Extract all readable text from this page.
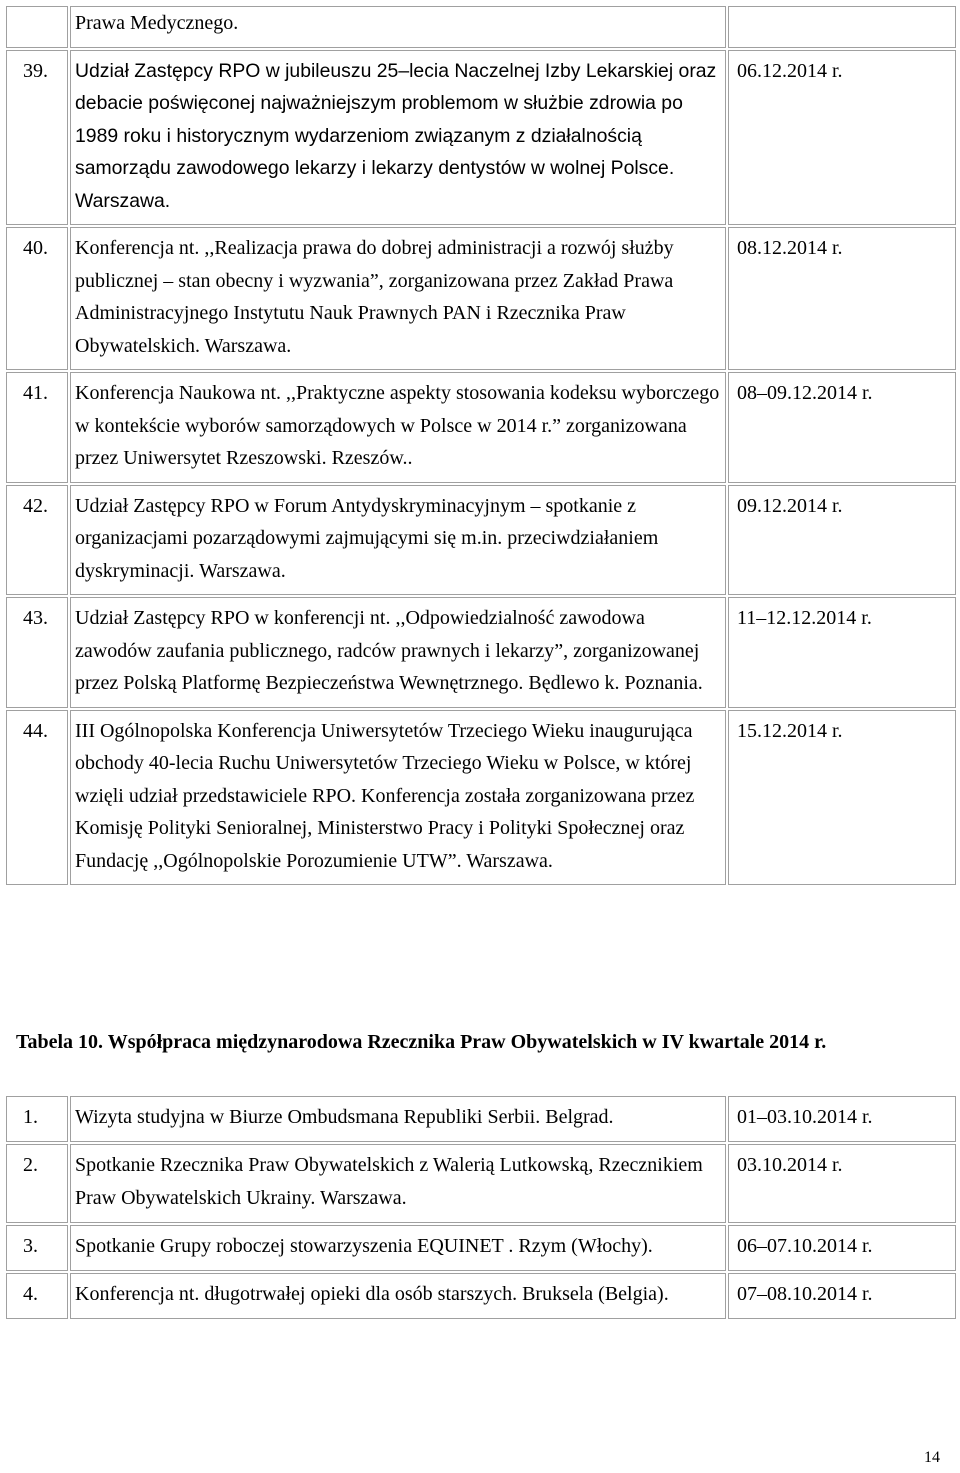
	Prawa Medycznego.	
39.	Udział Zastępcy RPO w jubileuszu 25–lecia Naczelnej Izby Lekarskiej oraz debacie poświęconej najważniejszym problemom w służbie zdrowia po 1989 roku i historycznym wydarzeniom związanym z działalnością samorządu zawodowego lekarzy i lekarzy dentystów w wolnej Polsce. Warszawa.	06.12.2014 r.
40.	Konferencja nt. ,,Realizacja prawa do dobrej administracji a rozwój służby publicznej – stan obecny i wyzwania”, zorganizowana przez Zakład Prawa Administracyjnego Instytutu Nauk Prawnych PAN i Rzecznika Praw Obywatelskich. Warszawa.	08.12.2014 r.
41.	Konferencja Naukowa nt. ,,Praktyczne aspekty stosowania kodeksu wyborczego w kontekście wyborów samorządowych w Polsce w 2014 r.” zorganizowana przez Uniwersytet Rzeszowski. Rzeszów..	08–09.12.2014 r.
42.	Udział Zastępcy RPO w Forum Antydyskryminacyjnym – spotkanie z organizacjami pozarządowymi zajmującymi się m.in. przeciwdziałaniem dyskryminacji. Warszawa.	09.12.2014 r.
43.	Udział Zastępcy RPO w konferencji nt. ,,Odpowiedzialność zawodowa zawodów zaufania publicznego, radców prawnych i lekarzy”, zorganizowanej przez Polską Platformę Bezpieczeństwa Wewnętrznego. Będlewo k. Poznania.	11–12.12.2014 r.
44.	III Ogólnopolska Konferencja Uniwersytetów Trzeciego Wieku inaugurująca obchody 40-lecia Ruchu Uniwersytetów Trzeciego Wieku w Polsce, w której wzięli udział przedstawiciele RPO. Konferencja została zorganizowana przez Komisję Polityki Senioralnej, Ministerstwo Pracy i Polityki Społecznej oraz Fundację ,,Ogólnopolskie Porozumienie UTW”. Warszawa.	15.12.2014 r.
Tabela 10. Współpraca międzynarodowa Rzecznika Praw Obywatelskich w IV kwartale 2014 r.
1.	Wizyta studyjna w Biurze Ombudsmana Republiki Serbii. Belgrad.	01–03.10.2014 r.
2.	Spotkanie Rzecznika Praw Obywatelskich z Walerią Lutkowską, Rzecznikiem Praw Obywatelskich Ukrainy. Warszawa.	03.10.2014 r.
3.	Spotkanie Grupy roboczej stowarzyszenia EQUINET . Rzym (Włochy).	06–07.10.2014 r.
4.	Konferencja nt. długotrwałej opieki dla osób starszych. Bruksela (Belgia).	07–08.10.2014 r.
14
